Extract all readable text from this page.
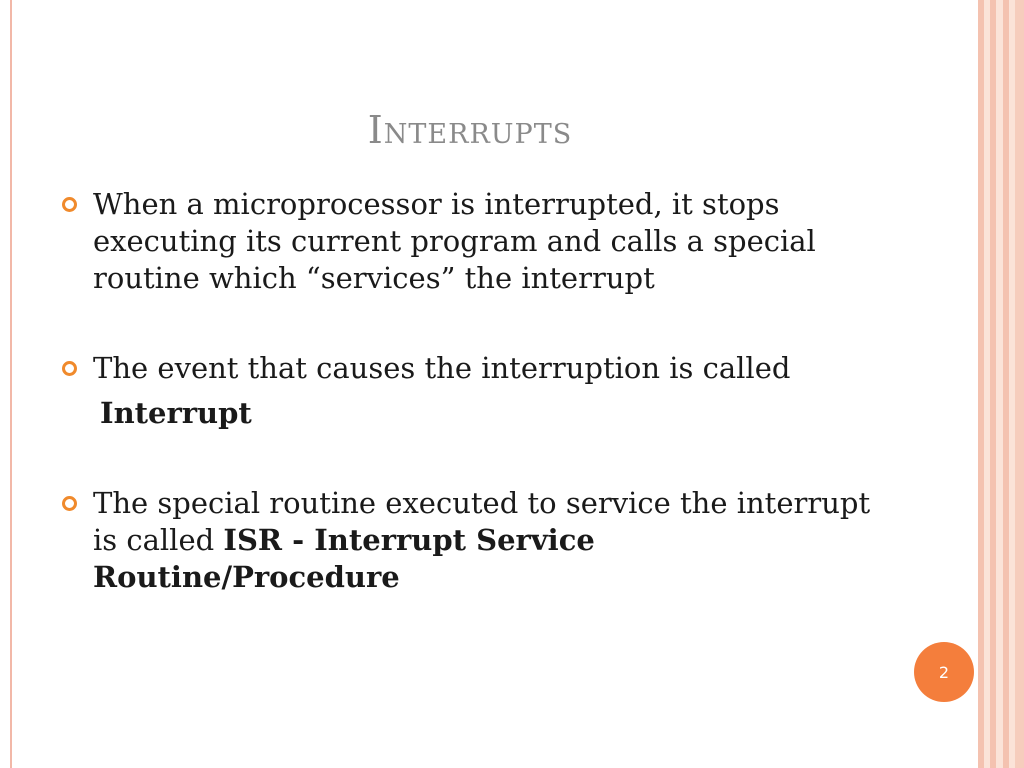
Interrupts
When a microprocessor is interrupted, it stops executing its current program and calls a special routine which “services” the interrupt
The event that causes the interruption is called
Interrupt
The special routine executed to service the interrupt is called ISR - Interrupt Service Routine/Procedure
2
